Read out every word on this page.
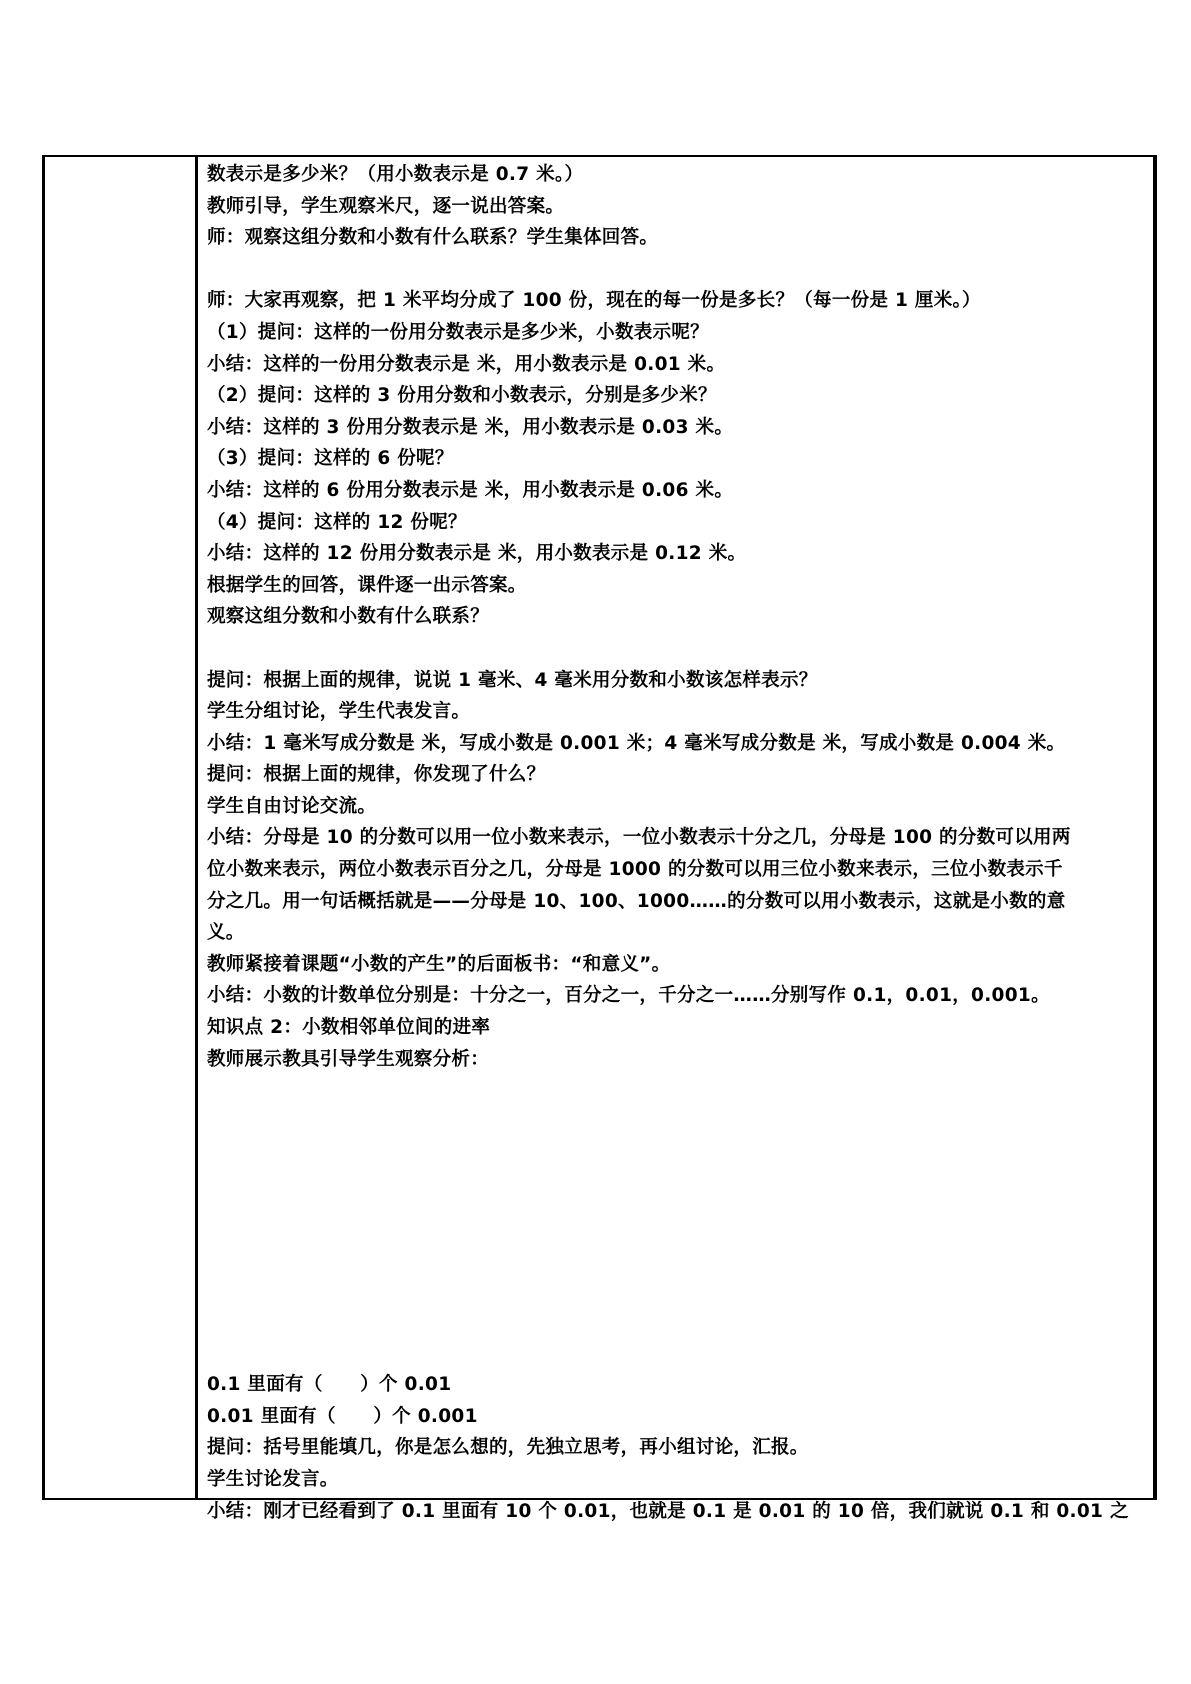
数表示是多少米？（用小数表示是 0.7 米。）
教师引导，学生观察米尺，逐一说出答案。
师：观察这组分数和小数有什么联系？学生集体回答。
师：大家再观察，把 1 米平均分成了 100 份，现在的每一份是多长？（每一份是 1 厘米。）
（1）提问：这样的一份用分数表示是多少米，小数表示呢？
小结：这样的一份用分数表示是 米，用小数表示是 0.01 米。
（2）提问：这样的 3 份用分数和小数表示，分别是多少米？
小结：这样的 3 份用分数表示是 米，用小数表示是 0.03 米。
（3）提问：这样的 6 份呢？
小结：这样的 6 份用分数表示是 米，用小数表示是 0.06 米。
（4）提问：这样的 12 份呢？
小结：这样的 12 份用分数表示是 米，用小数表示是 0.12 米。
根据学生的回答，课件逐一出示答案。
观察这组分数和小数有什么联系？
提问：根据上面的规律，说说 1 毫米、4 毫米用分数和小数该怎样表示？
学生分组讨论，学生代表发言。
小结：1 毫米写成分数是 米，写成小数是 0.001 米；4 毫米写成分数是 米，写成小数是 0.004 米。
提问：根据上面的规律，你发现了什么？
学生自由讨论交流。
小结：分母是 10 的分数可以用一位小数来表示，一位小数表示十分之几，分母是 100 的分数可以用两
位小数来表示，两位小数表示百分之几，分母是 1000 的分数可以用三位小数来表示，三位小数表示千
分之几。用一句话概括就是——分母是 10、100、1000……的分数可以用小数表示，这就是小数的意
义。
教师紧接着课题“小数的产生”的后面板书：“和意义”。
小结：小数的计数单位分别是：十分之一，百分之一，千分之一……分别写作 0.1，0.01，0.001。
知识点 2：小数相邻单位间的进率
教师展示教具引导学生观察分析：
0.1 里面有（　　）个 0.01
0.01 里面有（　　）个 0.001
提问：括号里能填几，你是怎么想的，先独立思考，再小组讨论，汇报。
学生讨论发言。
小结：刚才已经看到了 0.1 里面有 10 个 0.01，也就是 0.1 是 0.01 的 10 倍，我们就说 0.1 和 0.01 之
